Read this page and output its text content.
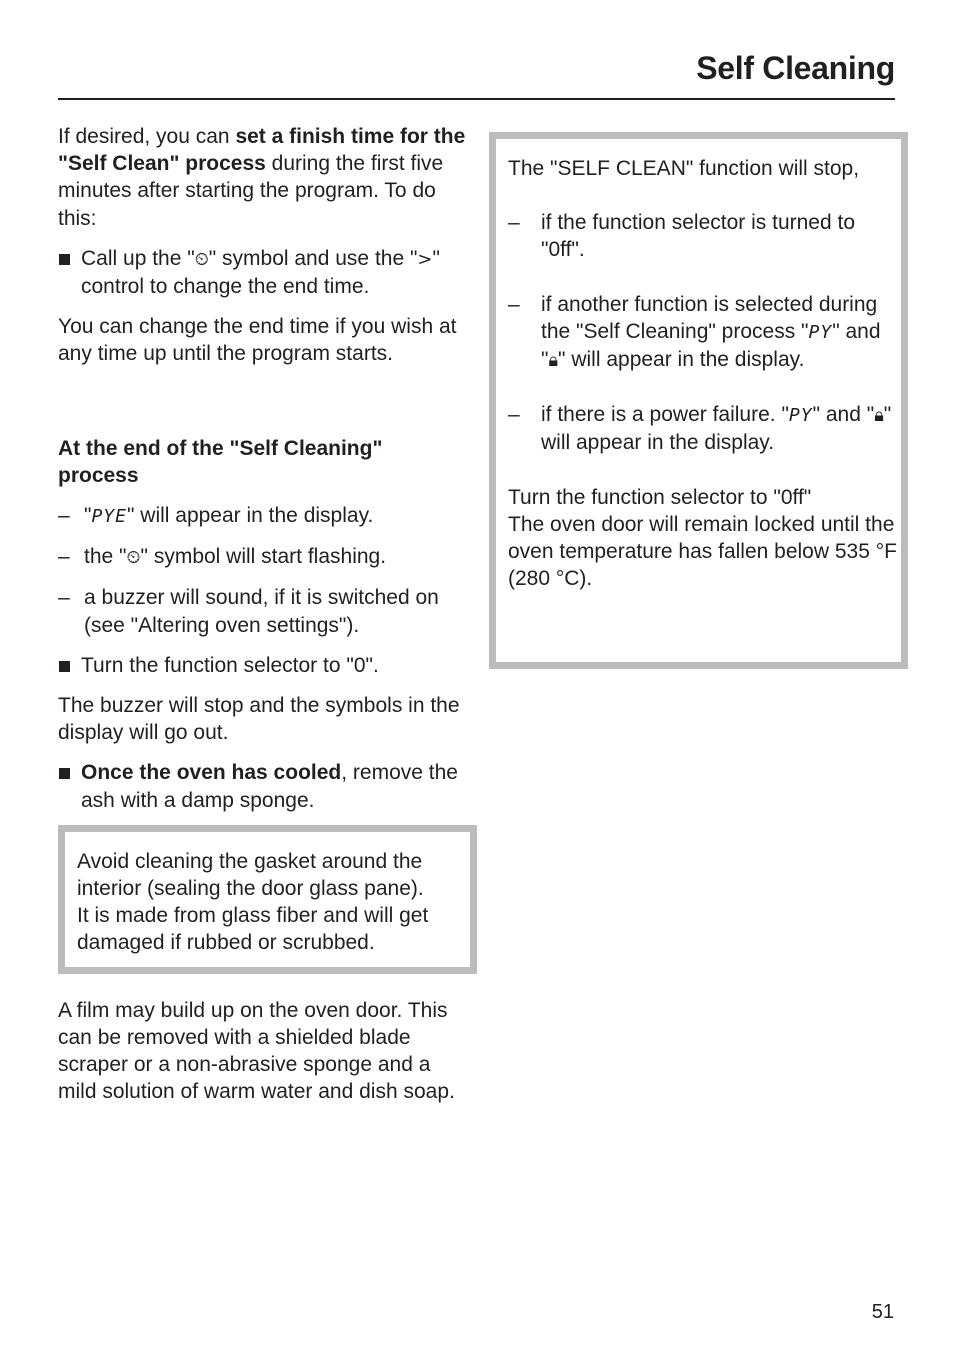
Self Cleaning

If desired, you can set a finish time for the "Self Clean" process during the first five minutes after starting the program. To do this:

Call up the "⏲" symbol and use the ">" control to change the end time.

You can change the end time if you wish at any time up until the program starts.

At the end of the "Self Cleaning" process

– "PYE" will appear in the display.
– the "⏲" symbol will start flashing.
– a buzzer will sound, if it is switched on (see "Altering oven settings").

Turn the function selector to "0".

The buzzer will stop and the symbols in the display will go out.

Once the oven has cooled, remove the ash with a damp sponge.

Avoid cleaning the gasket around the interior (sealing the door glass pane).

It is made from glass fiber and will get damaged if rubbed or scrubbed.

A film may build up on the oven door. This can be removed with a shielded blade scraper or a non-abrasive sponge and a mild solution of warm water and dish soap.

The "SELF CLEAN" function will stop,

– if the function selector is turned to "0ff".
– if another function is selected during the "Self Cleaning" process "PY" and "🔒︎" will appear in the display.
– if there is a power failure. "PY" and "🔒︎" will appear in the display.

Turn the function selector to "0ff"

The oven door will remain locked until the oven temperature has fallen below 535 °F (280 °C).

51
